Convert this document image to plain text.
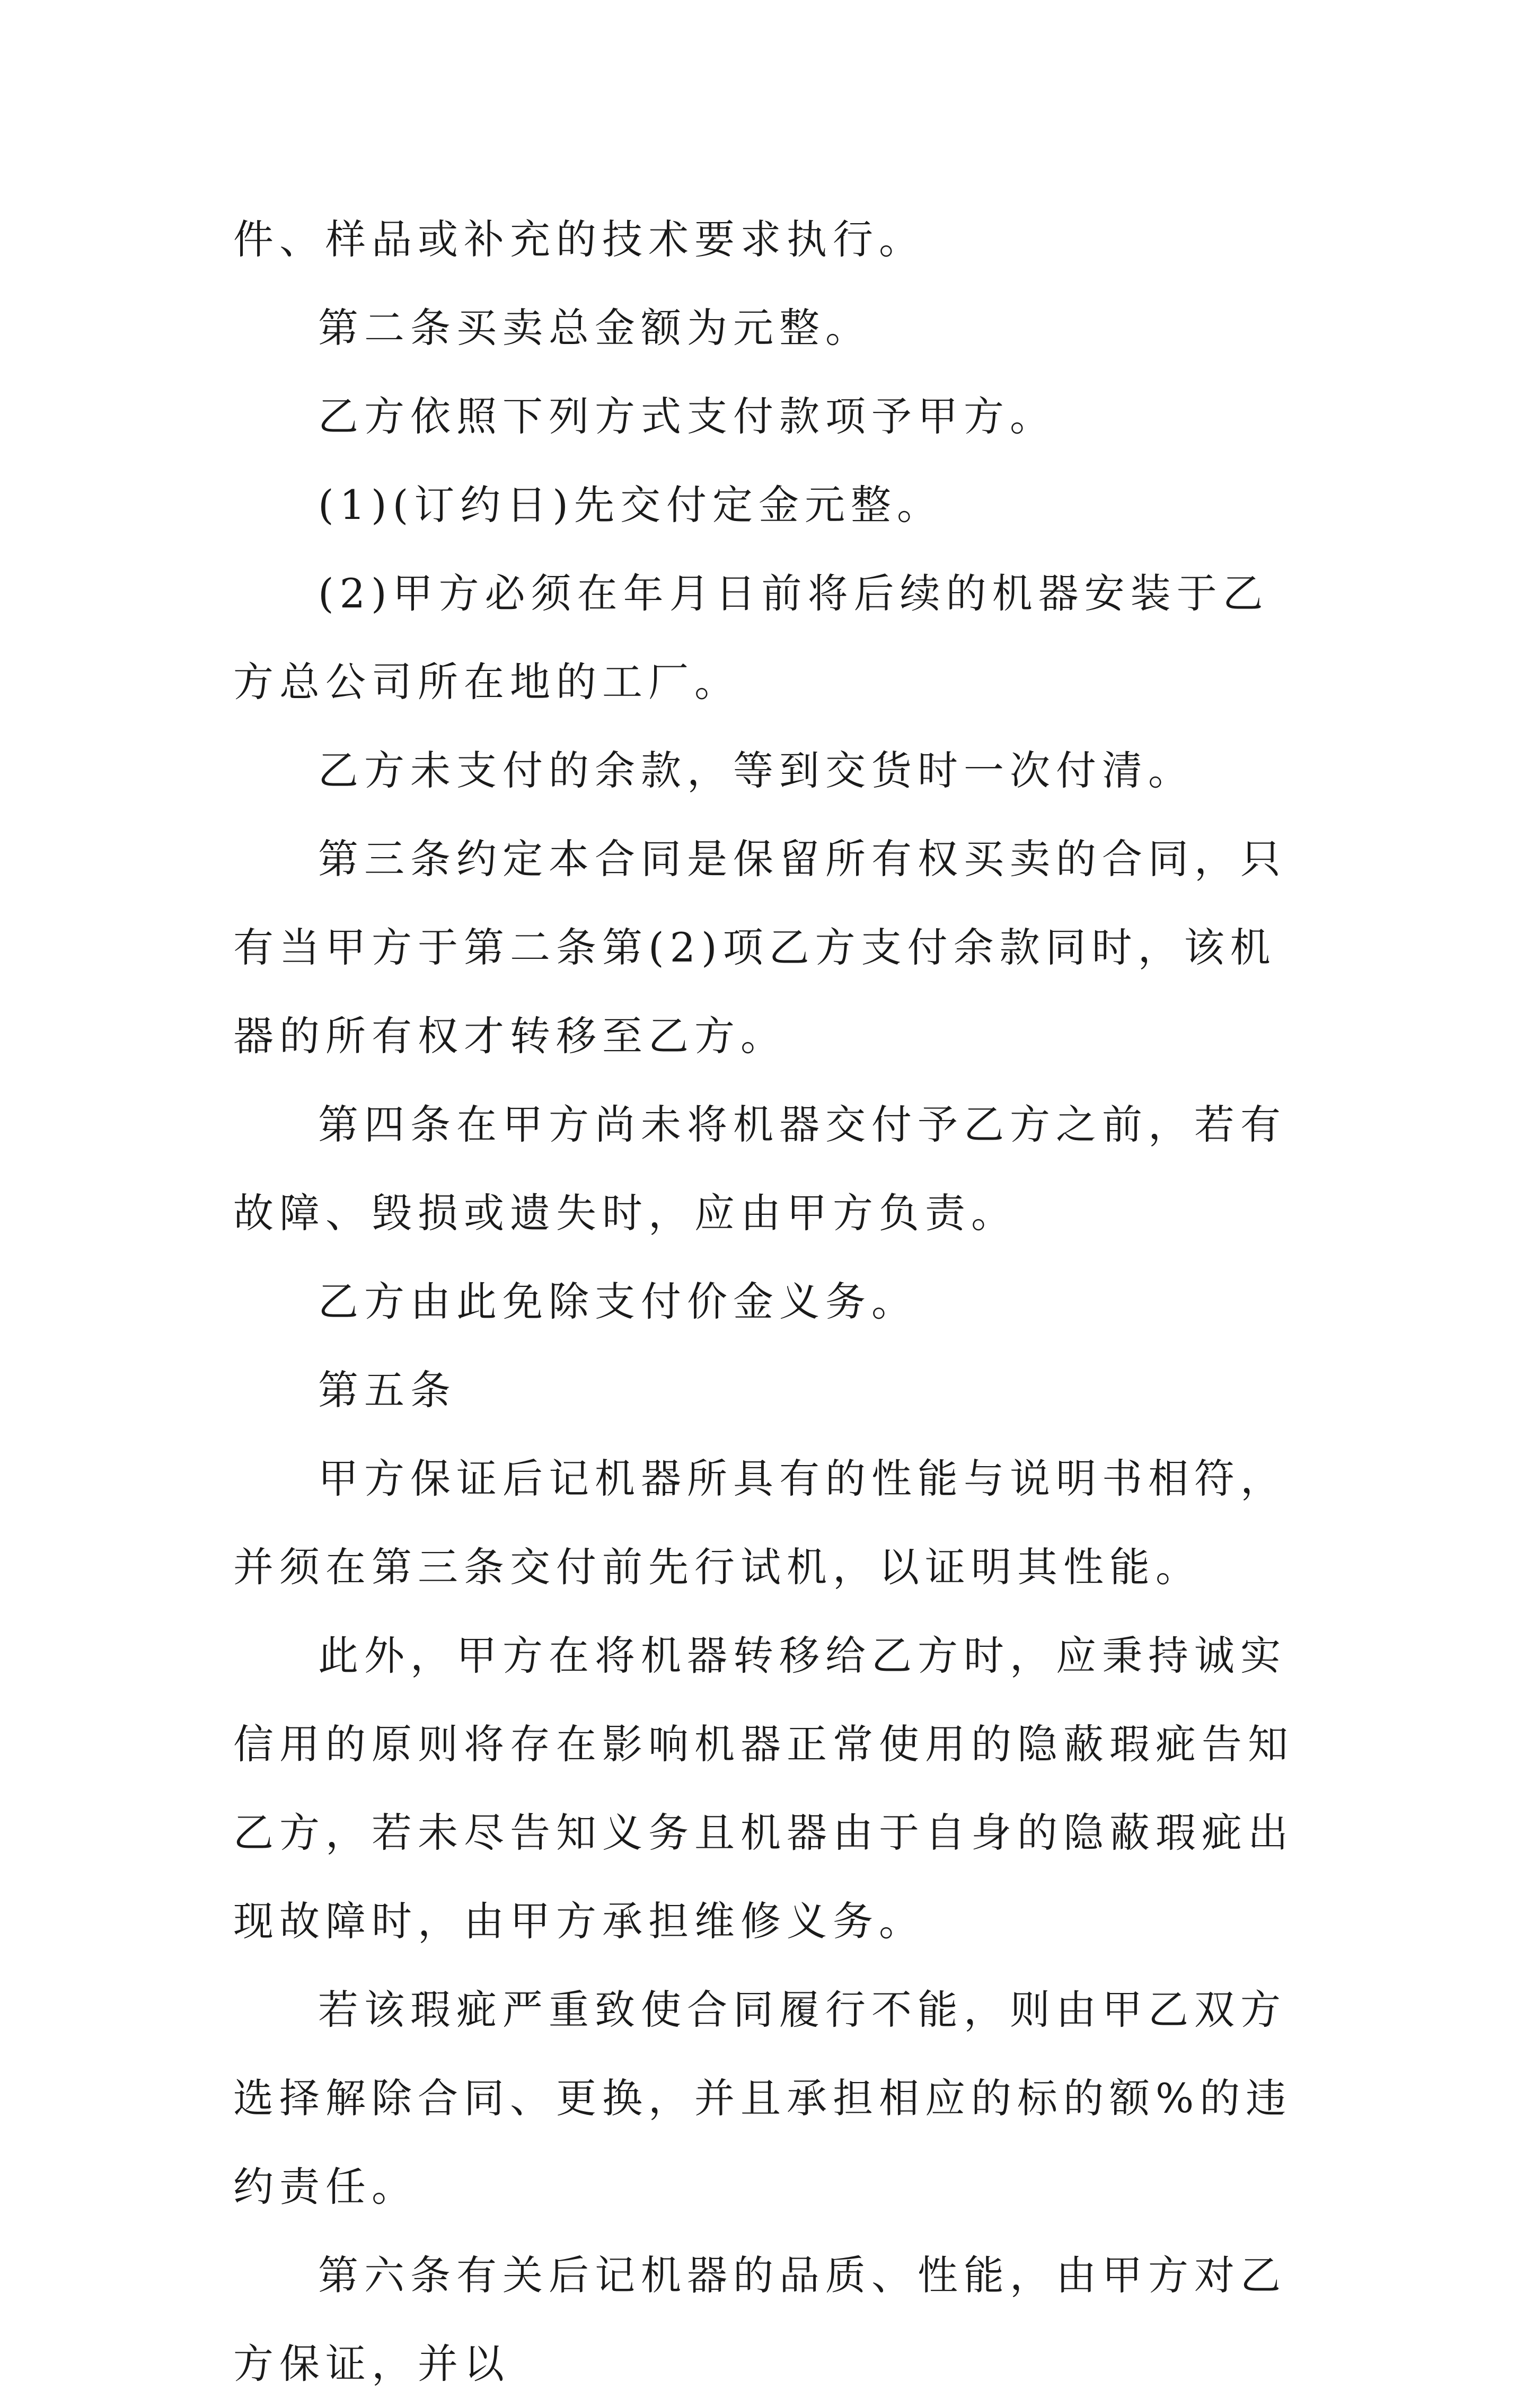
件、样品或补充的技术要求执行。

第二条买卖总金额为元整。

乙方依照下列方式支付款项予甲方。

(1)(订约日)先交付定金元整。

(2)甲方必须在年月日前将后续的机器安装于乙方总公司所在地的工厂。

乙方未支付的余款，等到交货时一次付清。

第三条约定本合同是保留所有权买卖的合同，只有当甲方于第二条第(2)项乙方支付余款同时，该机器的所有权才转移至乙方。

第四条在甲方尚未将机器交付予乙方之前，若有故障、毁损或遗失时，应由甲方负责。

乙方由此免除支付价金义务。

第五条

甲方保证后记机器所具有的性能与说明书相符，并须在第三条交付前先行试机，以证明其性能。

此外，甲方在将机器转移给乙方时，应秉持诚实信用的原则将存在影响机器正常使用的隐蔽瑕疵告知乙方，若未尽告知义务且机器由于自身的隐蔽瑕疵出现故障时，由甲方承担维修义务。

若该瑕疵严重致使合同履行不能，则由甲乙双方选择解除合同、更换，并且承担相应的标的额%的违约责任。

第六条有关后记机器的品质、性能，由甲方对乙方保证，并以
